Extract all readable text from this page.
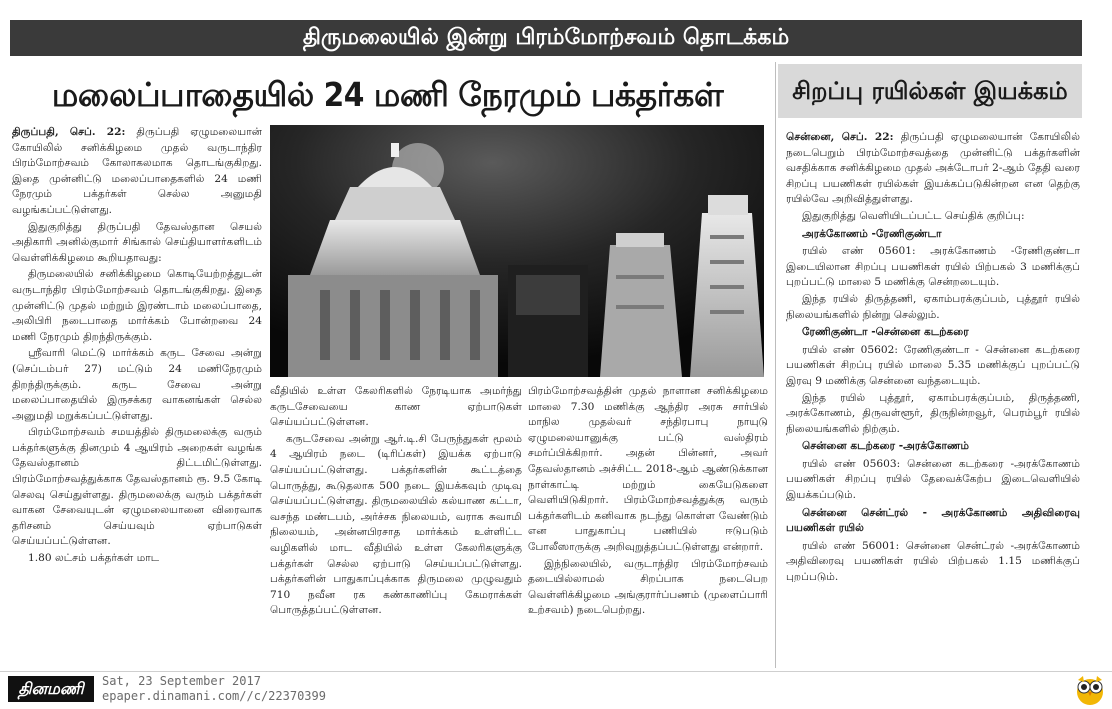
திருமலையில் இன்று பிரம்மோற்சவம் தொடக்கம்
மலைப்பாதையில் 24 மணி நேரமும் பக்தர்கள்	சிறப்பு ரயில்கள் இயக்கம்

திருப்பதி, செப். 22: திருப்பதி ஏழுமலையான் கோயிலில் சனிக்கிழமை முதல் வருடாந்திர பிரம்மோற்சவம் கோலாகலமாக தொடங்குகிறது. இதை முன்னிட்டு மலைப்பாதைகளில் 24 மணி நேரமும் பக்தர்கள் செல்ல அனுமதி வழங்கப்பட்டுள்ளது.

இதுகுறித்து திருப்பதி தேவஸ்தான செயல் அதிகாரி அனில்குமார் சிங்கால் செய்தியாளர்களிடம் வெள்ளிக்கிழமை கூறியதாவது:

திருமலையில் சனிக்கிழமை கொடியேற்றத்துடன் வருடாந்திர பிரம்மோற்சவம் தொடங்குகிறது. இதை முன்னிட்டு முதல் மற்றும் இரண்டாம் மலைப்பாதை, அலிபிரி நடைபாதை மார்க்கம் போன்றவை 24 மணி நேரமும் திறந்திருக்கும்.

ஸ்ரீவாரி மெட்டு மார்க்கம் கருட சேவை அன்று (செப்டம்பர் 27) மட்டும் 24 மணிநேரமும் திறந்திருக்கும். கருட சேவை அன்று மலைப்பாதையில் இருசக்கர வாகனங்கள் செல்ல அனுமதி மறுக்கப்பட்டுள்ளது.

பிரம்மோற்சவம் சமயத்தில் திருமலைக்கு வரும் பக்தர்களுக்கு தினமும் 4 ஆயிரம் அறைகள் வழங்க தேவஸ்தானம் திட்டமிட்டுள்ளது. பிரம்மோற்சவத்துக்காக தேவஸ்தானம் ரூ. 9.5 கோடி செலவு செய்துள்ளது. திருமலைக்கு வரும் பக்தர்கள் வாகன சேவையுடன் ஏழுமலையானை விரைவாக தரிசனம் செய்யவும் ஏற்பாடுகள் செய்யப்பட்டுள்ளன.

1.80 லட்சம் பக்தர்கள் மாட

வீதியில் உள்ள கேலரிகளில் நேரடியாக அமர்ந்து கருடசேவையை காண ஏற்பாடுகள் செய்யப்பட்டுள்ளன.

கருடசேவை அன்று ஆர்.டி.சி பேருந்துகள் மூலம் 4 ஆயிரம் நடை (டிரிப்கள்) இயக்க ஏற்பாடு செய்யப்பட்டுள்ளது. பக்தர்களின் கூட்டத்தை பொருத்து, கூடுதலாக 500 நடை இயக்கவும் முடிவு செய்யப்பட்டுள்ளது. திருமலையில் கல்யாண கட்டா, வசந்த மண்டபம், அர்ச்சக நிலையம், வராக சுவாமி நிலையம், அன்னபிரசாத மார்க்கம் உள்ளிட்ட வழிகளில் மாட வீதியில் உள்ள கேலரிகளுக்கு பக்தர்கள் செல்ல ஏற்பாடு செய்யப்பட்டுள்ளது. பக்தர்களின் பாதுகாப்புக்காக திருமலை முழுவதும் 710 நவீன ரக கண்காணிப்பு கேமராக்கள் பொருத்தப்பட்டுள்ளன.

பிரம்மோற்சவத்தின் முதல் நாளான சனிக்கிழமை மாலை 7.30 மணிக்கு ஆந்திர அரசு சார்பில் மாநில முதல்வர் சந்திரபாபு நாயுடு ஏழுமலையானுக்கு பட்டு வஸ்திரம் சமர்ப்பிக்கிறார். அதன் பின்னர், அவர் தேவஸ்தானம் அச்சிட்ட 2018-ஆம் ஆண்டுக்கான நாள்காட்டி மற்றும் கையேடுகளை வெளியிடுகிறார். பிரம்மோற்சவத்துக்கு வரும் பக்தர்களிடம் கனிவாக நடந்து கொள்ள வேண்டும் என பாதுகாப்பு பணியில் ஈடுபடும் போலீஸாருக்கு அறிவுறுத்தப்பட்டுள்ளது என்றார்.

இந்நிலையில், வருடாந்திர பிரம்மோற்சவம் தடையில்லாமல் சிறப்பாக நடைபெற வெள்ளிக்கிழமை அங்குரார்ப்பணம் (முளைப்பாரி உற்சவம்) நடைபெற்றது.

சென்னை, செப். 22: திருப்பதி ஏழுமலையான் கோயிலில் நடைபெறும் பிரம்மோற்சவத்தை முன்னிட்டு பக்தர்களின் வசதிக்காக சனிக்கிழமை முதல் அக்டோபர் 2-ஆம் தேதி வரை சிறப்பு பயணிகள் ரயில்கள் இயக்கப்படுகின்றன என தெற்கு ரயில்வே அறிவித்துள்ளது.

இதுகுறித்து வெளியிடப்பட்ட செய்திக் குறிப்பு:

அரக்கோணம் -ரேணிகுண்டா

ரயில் எண் 05601: அரக்கோணம் -ரேணிகுண்டா இடையிலான சிறப்பு பயணிகள் ரயில் பிற்பகல் 3 மணிக்குப் புறப்பட்டு மாலை 5 மணிக்கு சென்றடையும்.

இந்த ரயில் திருத்தணி, ஏகாம்பரக்குப்பம், புத்தூர் ரயில் நிலையங்களில் நின்று செல்லும்.

ரேணிகுண்டா -சென்னை கடற்கரை

ரயில் எண் 05602: ரேணிகுண்டா - சென்னை கடற்கரை பயணிகள் சிறப்பு ரயில் மாலை 5.35 மணிக்குப் புறப்பட்டு இரவு 9 மணிக்கு சென்னை வந்தடையும்.

இந்த ரயில் புத்தூர், ஏகாம்பரக்குப்பம், திருத்தணி, அரக்கோணம், திருவள்ளூர், திருநின்றவூர், பெரம்பூர் ரயில் நிலையங்களில் நிற்கும்.

சென்னை கடற்கரை -அரக்கோணம்

ரயில் எண் 05603: சென்னை கடற்கரை -அரக்கோணம் பயணிகள் சிறப்பு ரயில் தேவைக்கேற்ப இடைவெளியில் இயக்கப்படும்.

சென்னை சென்ட்ரல் - அரக்கோணம் அதிவிரைவு பயணிகள் ரயில்

ரயில் எண் 56001: சென்னை சென்ட்ரல் -அரக்கோணம் அதிவிரைவு பயணிகள் ரயில் பிற்பகல் 1.15 மணிக்குப் புறப்படும்.

தினமணி	Sat, 23 September 2017
epaper.dinamani.com//c/22370399
